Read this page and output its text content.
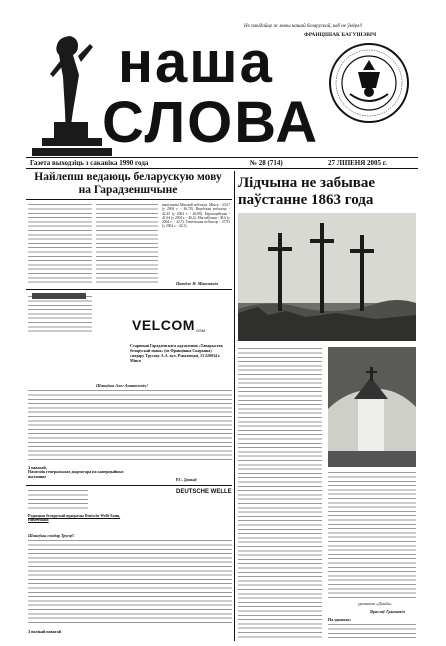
наша
СЛОВА
Не пакідайце ж мовы нашай беларускай, каб не ўмёрлі!
ФРАНЦІШАК БАГУШЭВІЧ
Газета выходзіць з сакавіка 1990 года	№ 28 (714)	27 ЛІПЕНЯ 2005 г.
Найлепш ведаюць беларускую мову на Гарадзеншчыне
выпускнікі Мінскай вобласці. Мінск - 43,67 (у 2004 г. - 46,78). Віцебская вобласць - 42,45 (у 2004 г. - 46,88). Берасьцейская - 41,64 (у 2004 г. - 46,4). Магілёўская - 38,6 (у 2004 г. - 42,7). Гомельская вобласць - 37,93 (у 2004 г. - 42,1).
Паводле Н. Мікалаевіч
VELCOM GSM
Старшыні Гарадзенскага аддзялення «Таварыства беларускай мовы» (ім Францішка Скарыны) спадару Трусаву А.А. вул. Рэвалюцыі, 13 220034 г. Мінск
Шаноўны Алег Анатолевіч!
З павагай,
Намеснік генеральнага дырэктара па камерцыйных пытаннях
Р.С. Дэнкаў
DEUTSCHE WELLE
Рэдакцыя беларускай праграмы Deutsche Welle Бонн, Нямеччына
Шаноўны спадар Трусаў!
З вялікай павагай
Лідчына не забывае паўстанне 1863 года
урочышча «Дэльба»
Яраслаў Грынкевіч
На здымках:
